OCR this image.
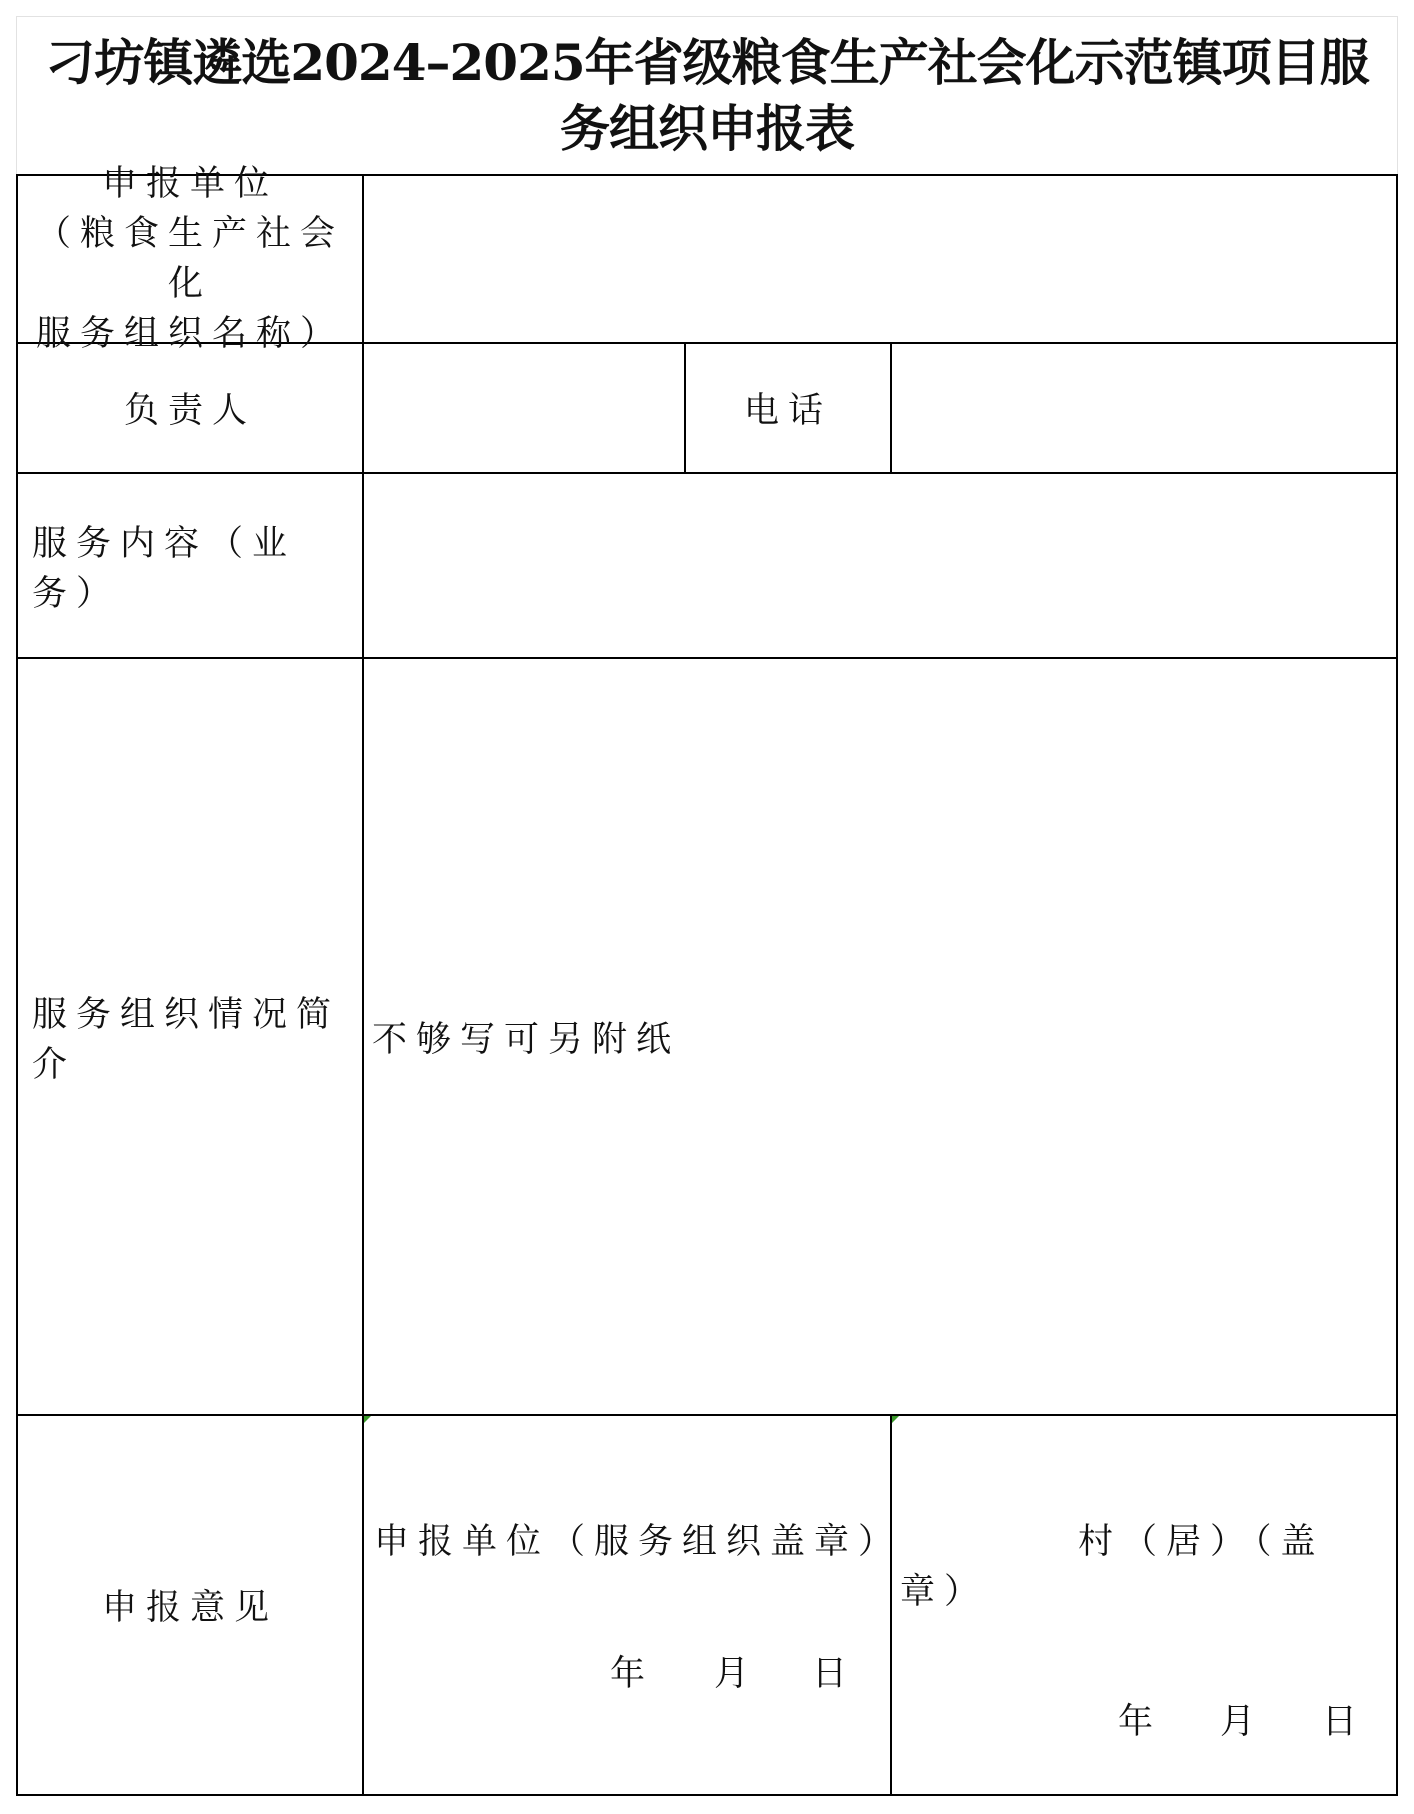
刁坊镇遴选2024–2025年省级粮食生产社会化示范镇项目服务组织申报表
申报单位
（粮食生产社会化
服务组织名称）
负责人	电话
服务内容（业务）
服务组织情况简介
不够写可另附纸
申报意见
申报单位（服务组织盖章）
年 月 日
村（居）（盖
章）
年 月 日
